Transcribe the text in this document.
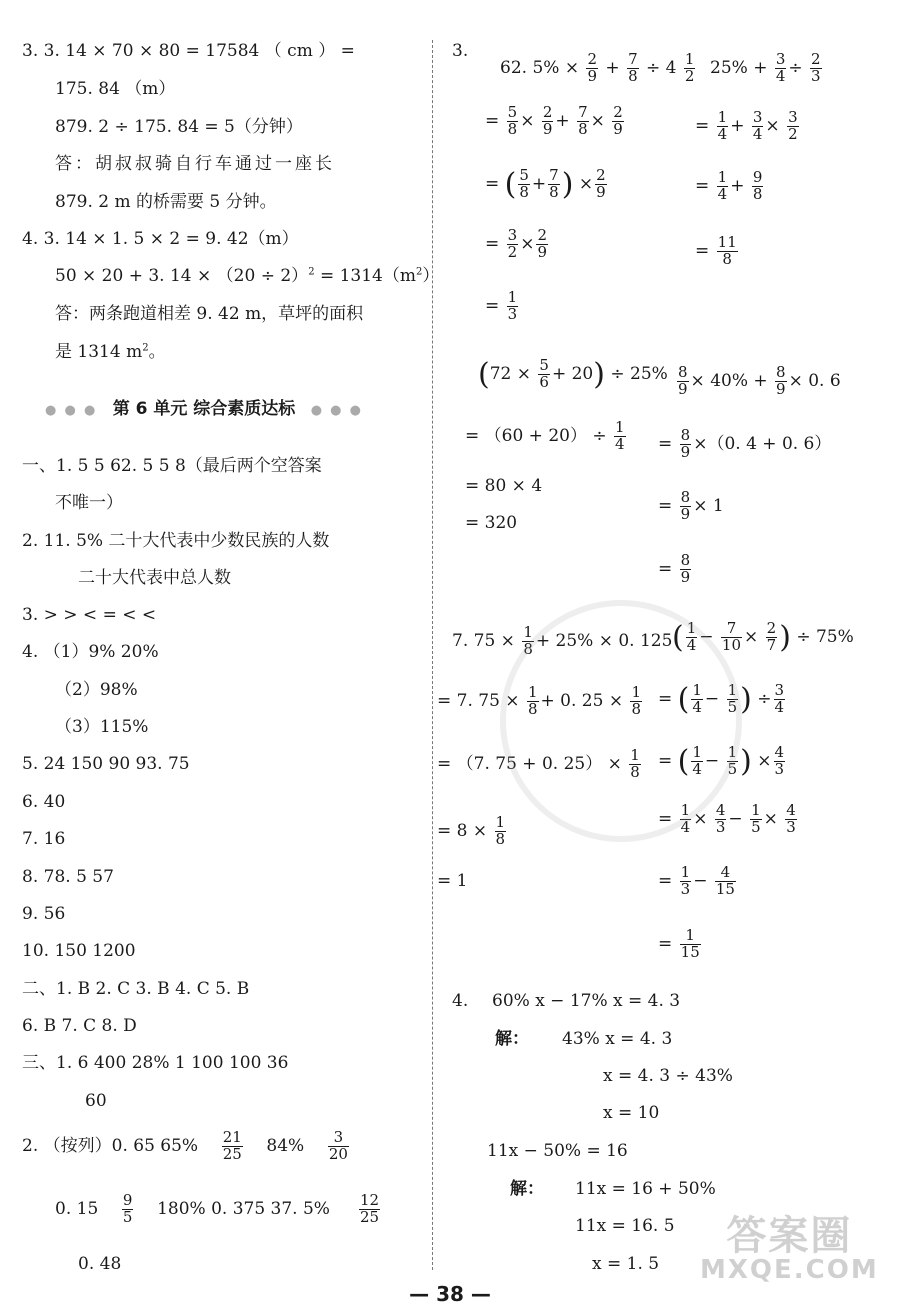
3. 3. 14 × 70 × 80 = 17584 （ cm ） =
175. 84 （m）
879. 2 ÷ 175. 84 = 5（分钟）
答：胡叔叔骑自行车通过一座长
879. 2 m 的桥需要 5 分钟。
4. 3. 14 × 1. 5 × 2 = 9. 42（m）
50 × 20 + 3. $14 \times (20 \div 2)^2 = 1314(m^2)$
答：两条跑道相差 9. 42 m，草坪的面积
是 1314 $m^2$。
● ● ● 第 6 单元 综合素质达标 ● ● ●
一、1. 5 5 62. 5 5 8（最后两个空答案
不唯一）
2. 11. 5% 二十大代表中少数民族的人数
二十大代表中总人数
3. > > < = < <
4. （1）9% 20%
（2）98%
（3）115%
5. 24 150 90 93. 75
6. 40
7. 16
8. 78. 5 57
9. 56
10. 150 1200
二、1. B 2. C 3. B 4. C 5. B
6. B 7. C 8. D
三、1. 6 400 28% 1 100 100 36
60
2. （按列）0. 65 $65\% \frac{21}{25} 84\% \frac{3}{20}$
0. $15 \frac{9}{5} 180\%$ 0. 375 37. $5\% \frac{12}{25}$
0. 48
3.
62. $5\% \times \frac{2}{9} + \frac{7}{8} \div 4 \frac{1}{2}$
= $\frac{5}{8} \times \frac{2}{9} + \frac{7}{8} \times \frac{2}{9}$
= ( $\frac{5}{8} + \frac{7}{8}$ ) × $\frac{2}{9}$
= $\frac{3}{2} \times \frac{2}{9}$
= $\frac{1}{3}$
$25\% + \frac{3}{4} \div \frac{2}{3}$
= $\frac{1}{4} + \frac{3}{4} \times \frac{3}{2}$
= $\frac{1}{4} + \frac{9}{8}$
= $\frac{11}{8}$
$(72 \times \frac{5}{6} + 20) \div 25\%$
= $(60 + 20) \div \frac{1}{4}$
= 80 × 4
= 320
$\frac{8}{9} \times 40\% + \frac{8}{9} \times 0$. 6
= $\frac{8}{9} \times(0$. 4 + 0. 6）
= $\frac{8}{9} \times 1$
= $\frac{8}{9}$
7. $75 \times \frac{1}{8} + 25\% \times 0$. 125
= 7. $75 \times \frac{1}{8} + 0$. $25 \times \frac{1}{8}$
= （7. 75 + 0. $25) \times \frac{1}{8}$
= $8 \times \frac{1}{8}$
= 1
( $\frac{1}{4} - \frac{7}{10} \times \frac{2}{7}$ ) ÷ 75%
= ( $\frac{1}{4} - \frac{1}{5}$ ) ÷ $\frac{3}{4}$
= ( $\frac{1}{4} - \frac{1}{5}$ ) × $\frac{4}{3}$
= $\frac{1}{4} \times \frac{4}{3} - \frac{1}{5} \times \frac{4}{3}$
= $\frac{1}{3} - \frac{4}{15}$
= $\frac{1}{15}$
4. 60% x − 17% x = 4. 3
解： 43% x = 4. 3
x = 4. 3 ÷ 43%
x = 10
11x − 50% = 16
解： 11x = 16 + 50%
11x = 16. 5
x = 1. 5
答案圈
MXQE.COM
— 38 —
